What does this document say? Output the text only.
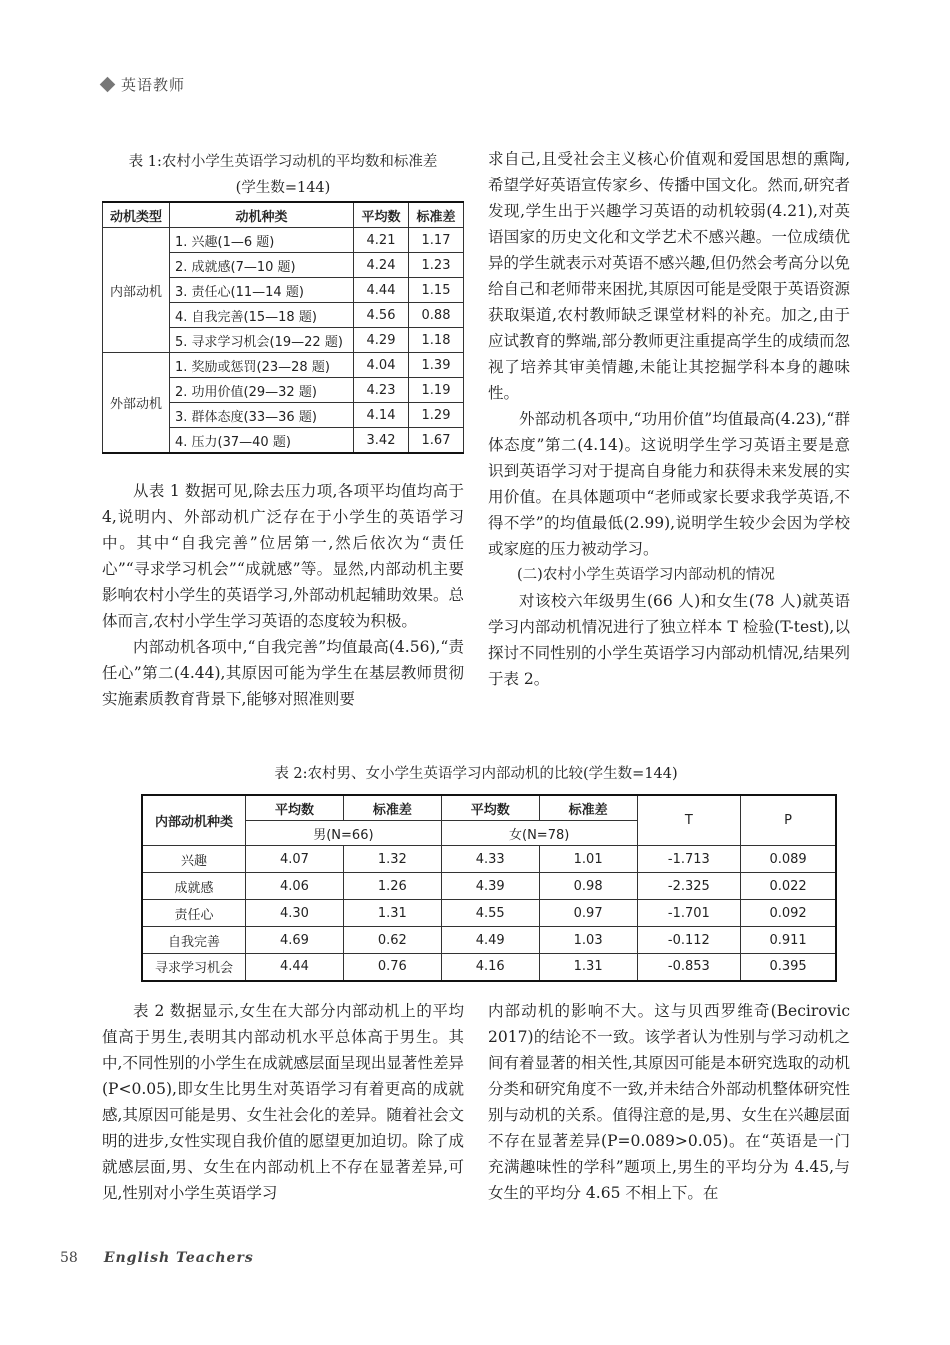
英语教师
表 1:农村小学生英语学习动机的平均数和标准差
(学生数=144)
动机类型	动机种类	平均数	标准差
内部动机	1. 兴趣(1—6 题)	4.21	1.17
	2. 成就感(7—10 题)	4.24	1.23
	3. 责任心(11—14 题)	4.44	1.15
	4. 自我完善(15—18 题)	4.56	0.88
	5. 寻求学习机会(19—22 题)	4.29	1.18
外部动机	1. 奖励或惩罚(23—28 题)	4.04	1.39
	2. 功用价值(29—32 题)	4.23	1.19
	3. 群体态度(33—36 题)	4.14	1.29
	4. 压力(37—40 题)	3.42	1.67

从表 1 数据可见,除去压力项,各项平均值均高于 4,说明内、外部动机广泛存在于小学生的英语学习中。其中“自我完善”位居第一,然后依次为“责任心”“寻求学习机会”“成就感”等。显然,内部动机主要影响农村小学生的英语学习,外部动机起辅助效果。总体而言,农村小学生学习英语的态度较为积极。

内部动机各项中,“自我完善”均值最高(4.56),“责任心”第二(4.44),其原因可能为学生在基层教师贯彻实施素质教育背景下,能够对照准则要

求自己,且受社会主义核心价值观和爱国思想的熏陶,希望学好英语宣传家乡、传播中国文化。然而,研究者发现,学生出于兴趣学习英语的动机较弱(4.21),对英语国家的历史文化和文学艺术不感兴趣。一位成绩优异的学生就表示对英语不感兴趣,但仍然会考高分以免给自己和老师带来困扰,其原因可能是受限于英语资源获取渠道,农村教师缺乏课堂材料的补充。加之,由于应试教育的弊端,部分教师更注重提高学生的成绩而忽视了培养其审美情趣,未能让其挖掘学科本身的趣味性。

外部动机各项中,“功用价值”均值最高(4.23),“群体态度”第二(4.14)。这说明学生学习英语主要是意识到英语学习对于提高自身能力和获得未来发展的实用价值。在具体题项中“老师或家长要求我学英语,不得不学”的均值最低(2.99),说明学生较少会因为学校或家庭的压力被动学习。

(二)农村小学生英语学习内部动机的情况

对该校六年级男生(66 人)和女生(78 人)就英语学习内部动机情况进行了独立样本 T 检验(T-test),以探讨不同性别的小学生英语学习内部动机情况,结果列于表 2。

表 2:农村男、女小学生英语学习内部动机的比较(学生数=144)
内部动机种类	平均数	标准差	平均数	标准差	T	P
	男(N=66)		女(N=78)			
兴趣	4.07	1.32	4.33	1.01	-1.713	0.089
成就感	4.06	1.26	4.39	0.98	-2.325	0.022
责任心	4.30	1.31	4.55	0.97	-1.701	0.092
自我完善	4.69	0.62	4.49	1.03	-0.112	0.911
寻求学习机会	4.44	0.76	4.16	1.31	-0.853	0.395

表 2 数据显示,女生在大部分内部动机上的平均值高于男生,表明其内部动机水平总体高于男生。其中,不同性别的小学生在成就感层面呈现出显著性差异(P<0.05),即女生比男生对英语学习有着更高的成就感,其原因可能是男、女生社会化的差异。随着社会文明的进步,女性实现自我价值的愿望更加迫切。除了成就感层面,男、女生在内部动机上不存在显著差异,可见,性别对小学生英语学习

内部动机的影响不大。这与贝西罗维奇(Becirovic 2017)的结论不一致。该学者认为性别与学习动机之间有着显著的相关性,其原因可能是本研究选取的动机分类和研究角度不一致,并未结合外部动机整体研究性别与动机的关系。值得注意的是,男、女生在兴趣层面不存在显著差异(P=0.089>0.05)。在“英语是一门充满趣味性的学科”题项上,男生的平均分为 4.45,与女生的平均分 4.65 不相上下。在

58 English Teachers
